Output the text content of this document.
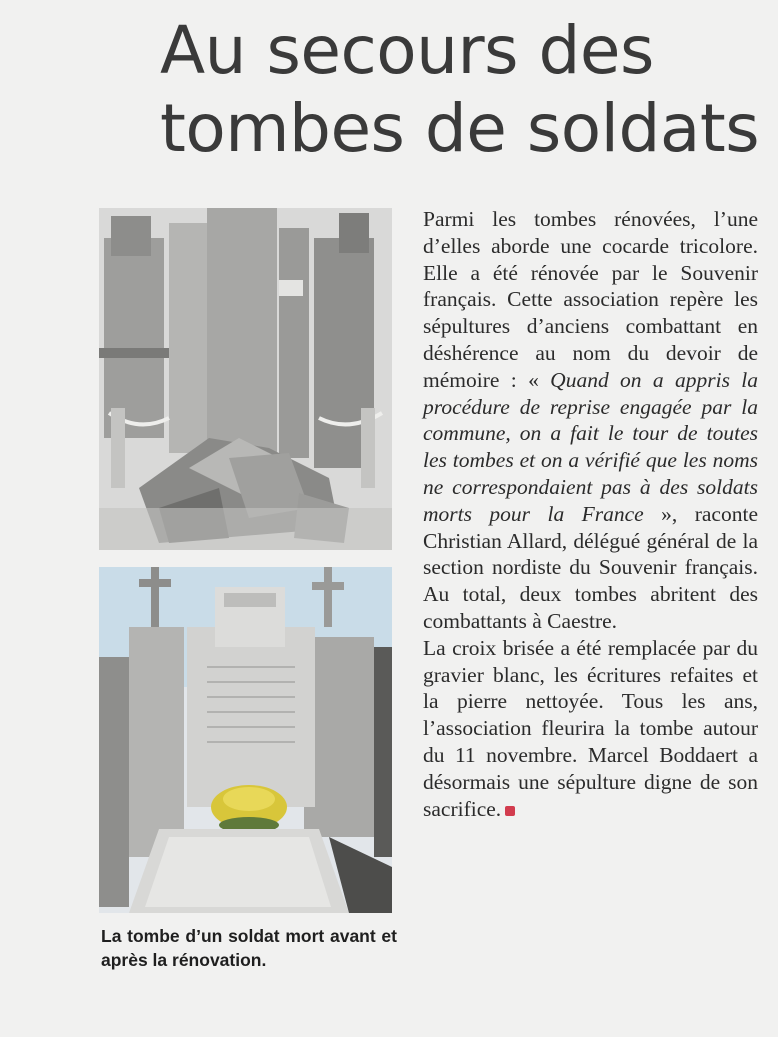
Au secours des
tombes de soldats
La tombe d’un soldat mort avant et après la rénovation.

Parmi les tombes rénovées, l’une d’elles aborde une cocarde tricolore. Elle a été rénovée par le Souvenir français. Cette association repère les sépultures d’anciens combattant en déshérence au nom du devoir de mémoire : « Quand on a appris la procédure de reprise engagée par la commune, on a fait le tour de toutes les tombes et on a vérifié que les noms ne correspondaient pas à des soldats morts pour la France », raconte Christian Allard, délégué général de la section nordiste du Souvenir français. Au total, deux tombes abritent des combattants à Caestre.

La croix brisée a été remplacée par du gravier blanc, les écritures refaites et la pierre nettoyée. Tous les ans, l’association fleurira la tombe autour du 11 novembre. Marcel Boddaert a désormais une sépulture digne de son sacrifice.
